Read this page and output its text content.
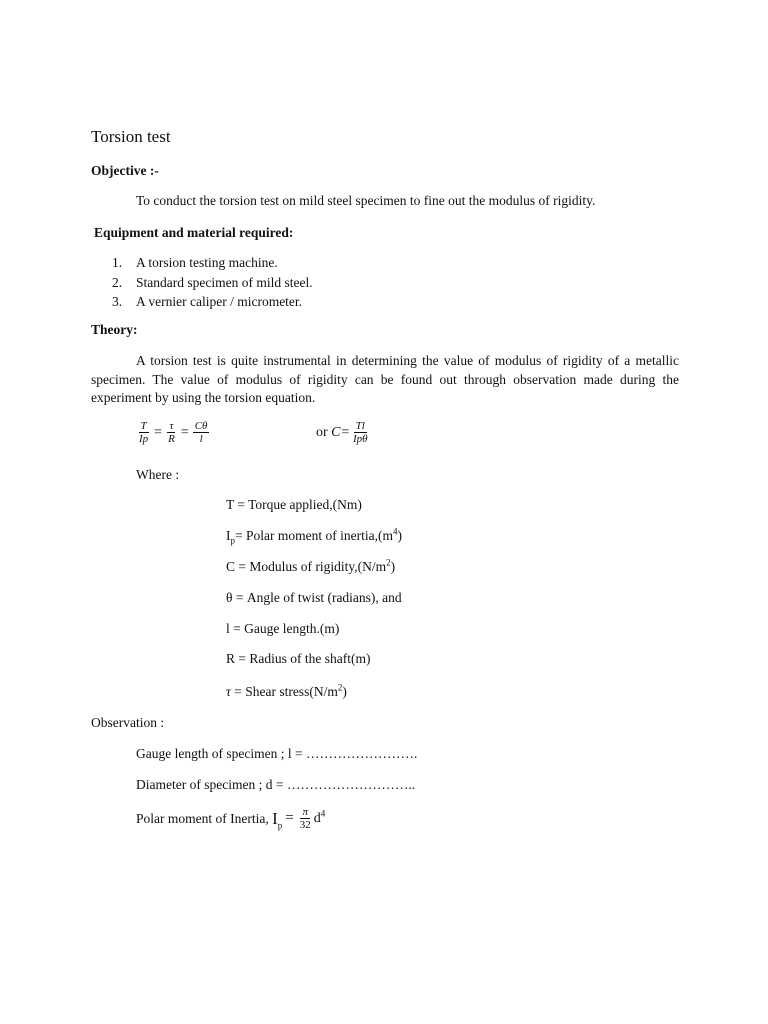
Torsion test
Objective :-
To conduct the torsion test on mild steel specimen to fine out the modulus of rigidity.
Equipment and material required:
1. A torsion testing machine.
2. Standard specimen of mild steel.
3. A vernier caliper / micrometer.
Theory:
A torsion test is quite instrumental in determining the value of modulus of rigidity of a metallic specimen. The value of modulus of rigidity can be found out through observation made during the experiment by using the torsion equation.
$\frac{T}{Ip} = \frac{\tau}{R} = \frac{C\theta}{l}$	or
$C= \frac{Tl}{\text{Ipθ}}$
Where :
T = Torque applied,(Nm)
$I_p=$ Polar moment of $inertia,(m^4)$
C = Modulus of $rigidity,(N/m^2)$
θ = Angle of twist (radians), and
l = Gauge length.(m)
R = Radius of the shaft(m)
τ = Shear $stress(N/m^2)$
Observation :
Gauge length of specimen ; l = …………………….
Diameter of specimen ; d = ………………………..
Polar moment of Inertia,
$I_p = \frac{\pi}{32} d^4$
